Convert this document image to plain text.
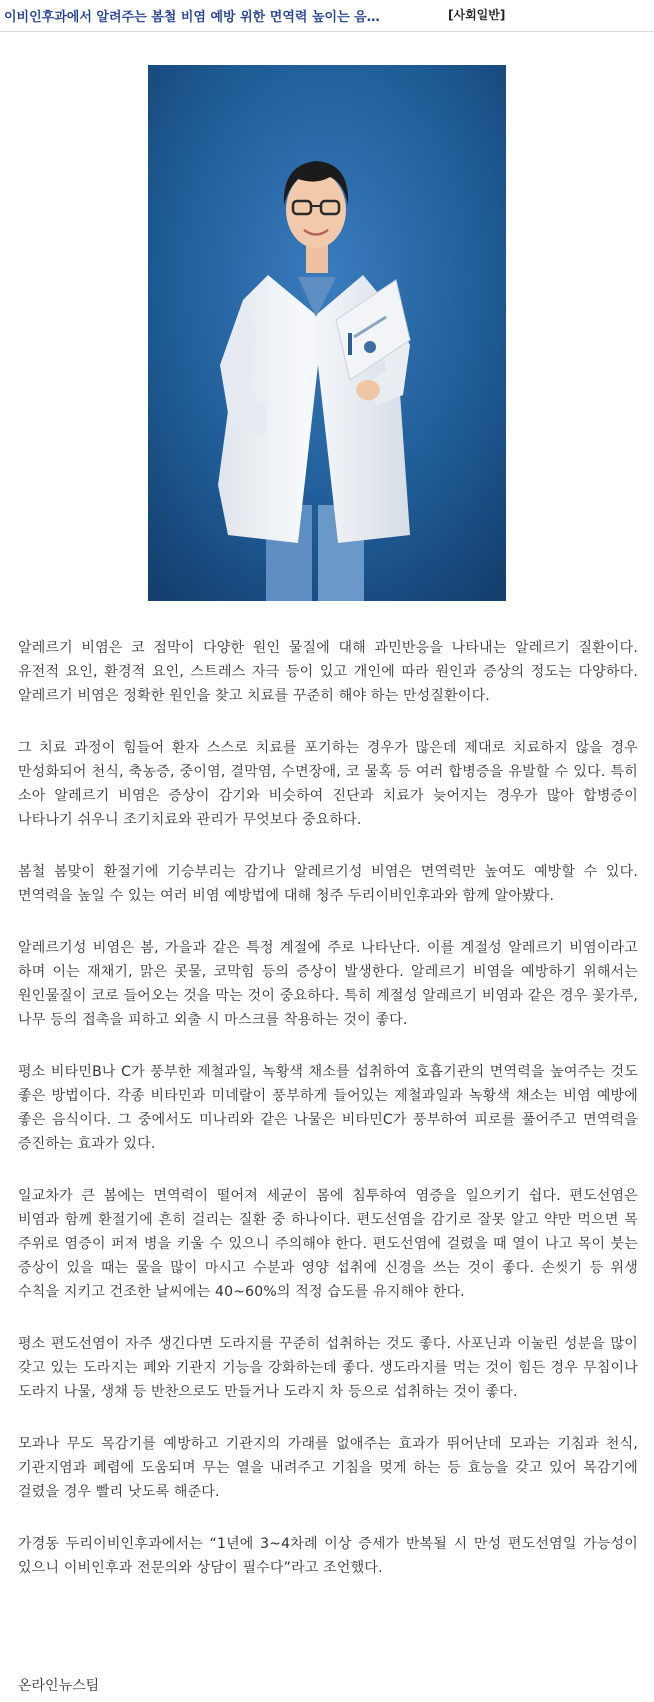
이비인후과에서 알려주는 봄철 비염 예방 위한 면역력 높이는 음…	[사회일반]

알레르기 비염은 코 점막이 다양한 원인 물질에 대해 과민반응을 나타내는 알레르기 질환이다. 유전적 요인, 환경적 요인, 스트레스 자극 등이 있고 개인에 따라 원인과 증상의 정도는 다양하다. 알레르기 비염은 정확한 원인을 찾고 치료를 꾸준히 해야 하는 만성질환이다.

그 치료 과정이 힘들어 환자 스스로 치료를 포기하는 경우가 많은데 제대로 치료하지 않을 경우 만성화되어 천식, 축농증, 중이염, 결막염, 수면장애, 코 물혹 등 여러 합병증을 유발할 수 있다. 특히 소아 알레르기 비염은 증상이 감기와 비슷하여 진단과 치료가 늦어지는 경우가 많아 합병증이 나타나기 쉬우니 조기치료와 관리가 무엇보다 중요하다.

봄철 봄맞이 환절기에 기승부리는 감기나 알레르기성 비염은 면역력만 높여도 예방할 수 있다. 면역력을 높일 수 있는 여러 비염 예방법에 대해 청주 두리이비인후과와 함께 알아봤다.

알레르기성 비염은 봄, 가을과 같은 특정 계절에 주로 나타난다. 이를 계절성 알레르기 비염이라고 하며 이는 재채기, 맑은 콧물, 코막힘 등의 증상이 발생한다. 알레르기 비염을 예방하기 위해서는 원인물질이 코로 들어오는 것을 막는 것이 중요하다. 특히 계절성 알레르기 비염과 같은 경우 꽃가루, 나무 등의 접촉을 피하고 외출 시 마스크를 착용하는 것이 좋다.

평소 비타민B나 C가 풍부한 제철과일, 녹황색 채소를 섭취하여 호흡기관의 면역력을 높여주는 것도 좋은 방법이다. 각종 비타민과 미네랄이 풍부하게 들어있는 제철과일과 녹황색 채소는 비염 예방에 좋은 음식이다. 그 중에서도 미나리와 같은 나물은 비타민C가 풍부하여 피로를 풀어주고 면역력을 증진하는 효과가 있다.

일교차가 큰 봄에는 면역력이 떨어져 세균이 몸에 침투하여 염증을 일으키기 쉽다. 편도선염은 비염과 함께 환절기에 흔히 걸리는 질환 중 하나이다. 편도선염을 감기로 잘못 알고 약만 먹으면 목 주위로 염증이 퍼져 병을 키울 수 있으니 주의해야 한다. 편도선염에 걸렸을 때 열이 나고 목이 붓는 증상이 있을 때는 물을 많이 마시고 수분과 영양 섭취에 신경을 쓰는 것이 좋다. 손씻기 등 위생 수칙을 지키고 건조한 날씨에는 40~60%의 적정 습도를 유지해야 한다.

평소 편도선염이 자주 생긴다면 도라지를 꾸준히 섭취하는 것도 좋다. 사포닌과 이눌린 성분을 많이 갖고 있는 도라지는 폐와 기관지 기능을 강화하는데 좋다. 생도라지를 먹는 것이 힘든 경우 무침이나 도라지 나물, 생채 등 반찬으로도 만들거나 도라지 차 등으로 섭취하는 것이 좋다.

모과나 무도 목감기를 예방하고 기관지의 가래를 없애주는 효과가 뛰어난데 모과는 기침과 천식, 기관지염과 폐렴에 도움되며 무는 열을 내려주고 기침을 멎게 하는 등 효능을 갖고 있어 목감기에 걸렸을 경우 빨리 낫도록 해준다.

가경동 두리이비인후과에서는 “1년에 3~4차례 이상 증세가 반복될 시 만성 편도선염일 가능성이 있으니 이비인후과 전문의와 상담이 필수다”라고 조언했다.

온라인뉴스팀
